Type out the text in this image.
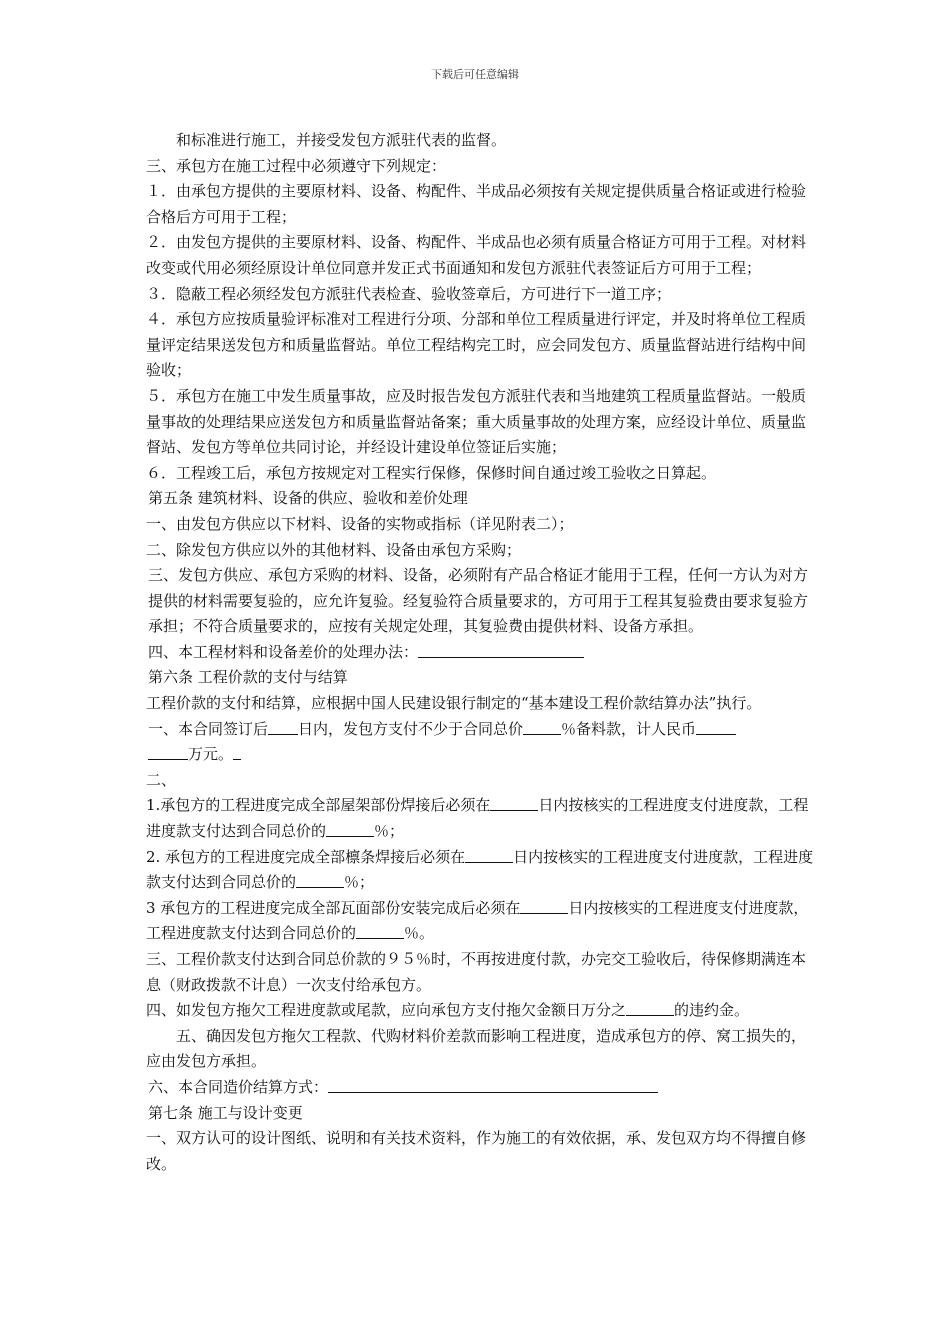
下载后可任意编辑

和标准进行施工，并接受发包方派驻代表的监督。

三、承包方在施工过程中必须遵守下列规定：

１．由承包方提供的主要原材料、设备、构配件、半成品必须按有关规定提供质量合格证或进行检验合格后方可用于工程；

２．由发包方提供的主要原材料、设备、构配件、半成品也必须有质量合格证方可用于工程。对材料改变或代用必须经原设计单位同意并发正式书面通知和发包方派驻代表签证后方可用于工程；

３．隐蔽工程必须经发包方派驻代表检查、验收签章后，方可进行下一道工序；

４．承包方应按质量验评标准对工程进行分项、分部和单位工程质量进行评定，并及时将单位工程质量评定结果送发包方和质量监督站。单位工程结构完工时，应会同发包方、质量监督站进行结构中间验收；

５．承包方在施工中发生质量事故，应及时报告发包方派驻代表和当地建筑工程质量监督站。一般质量事故的处理结果应送发包方和质量监督站备案；重大质量事故的处理方案，应经设计单位、质量监督站、发包方等单位共同讨论，并经设计建设单位签证后实施；

６．工程竣工后，承包方按规定对工程实行保修，保修时间自通过竣工验收之日算起。

第五条 建筑材料、设备的供应、验收和差价处理

一、由发包方供应以下材料、设备的实物或指标（详见附表二）；

二、除发包方供应以外的其他材料、设备由承包方采购；

三、发包方供应、承包方采购的材料、设备，必须附有产品合格证才能用于工程，任何一方认为对方提供的材料需要复验的，应允许复验。经复验符合质量要求的，方可用于工程其复验费由要求复验方承担；不符合质量要求的，应按有关规定处理，其复验费由提供材料、设备方承担。

四、本工程材料和设备差价的处理办法：

第六条 工程价款的支付与结算

工程价款的支付和结算，应根据中国人民建设银行制定的“基本建设工程价款结算办法”执行。

一、本合同签订后 日内，发包方支付不少于合同总价	％备料款，计人民币
万元。

二、

1.承包方的工程进度完成全部屋架部份焊接后必须在	日内按核实的工程进度支付进度款，工程进度款支付达到合同总价的	％；

2. 承包方的工程进度完成全部檩条焊接后必须在	日内按核实的工程进度支付进度款，工程进度款支付达到合同总价的	％；

3 承包方的工程进度完成全部瓦面部份安装完成后必须在	日内按核实的工程进度支付进度款，工程进度款支付达到合同总价的	％。

三、工程价款支付达到合同总价款的９５％时，不再按进度付款，办完交工验收后，待保修期满连本息（财政拨款不计息）一次支付给承包方。

四、如发包方拖欠工程进度款或尾款，应向承包方支付拖欠金额日万分之	的违约金。

五、确因发包方拖欠工程款、代购材料价差款而影响工程进度，造成承包方的停、窝工损失的，应由发包方承担。

六、本合同造价结算方式：

第七条 施工与设计变更

一、双方认可的设计图纸、说明和有关技术资料，作为施工的有效依据，承、发包双方均不得擅自修改。
